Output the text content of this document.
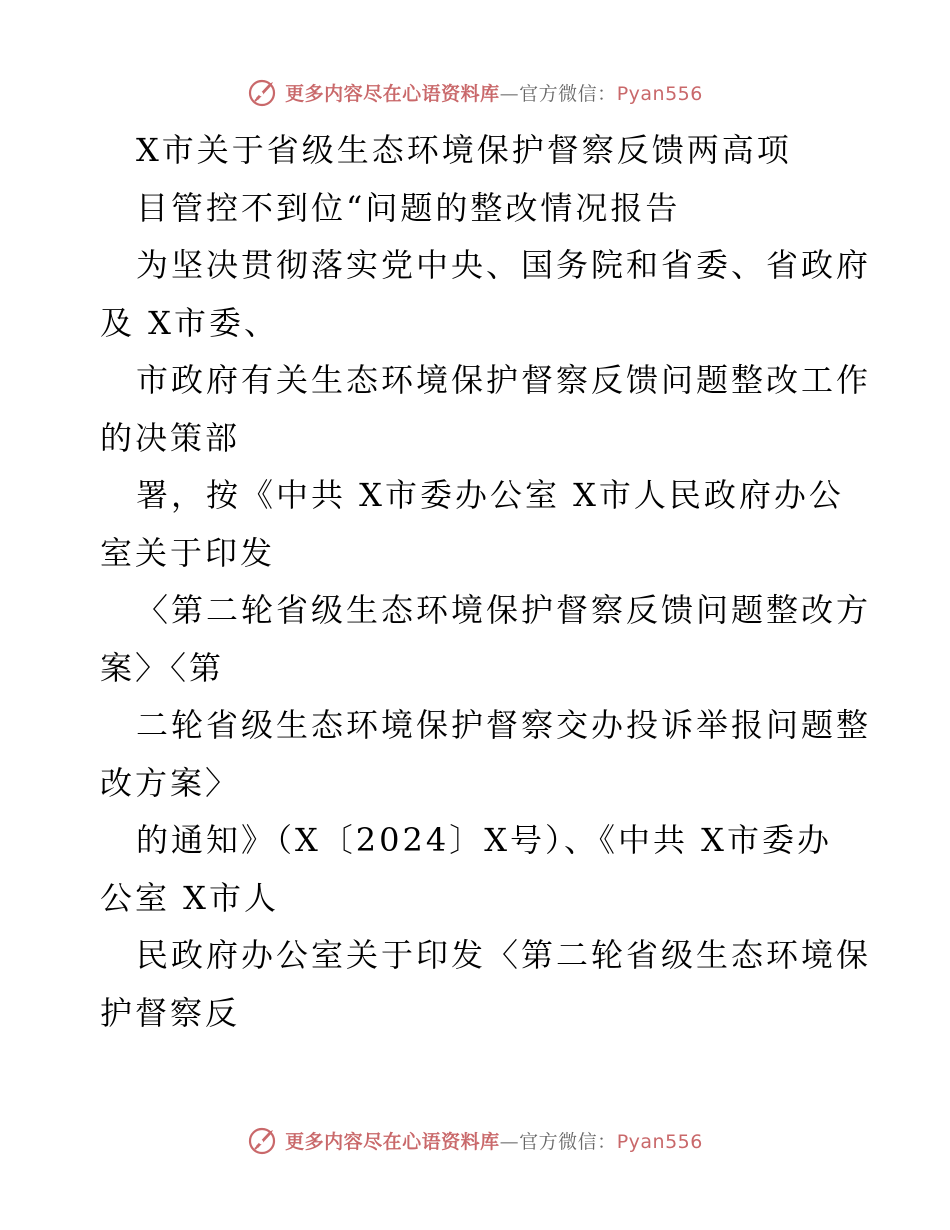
更多内容尽在心语资料库—官方微信：Pyan556
X市关于省级生态环境保护督察反馈两高项
目管控不到位“问题的整改情况报告
为坚决贯彻落实党中央、国务院和省委、省政府
及 X市委、
市政府有关生态环境保护督察反馈问题整改工作
的决策部
署，按《中共 X市委办公室 X市人民政府办公
室关于印发
〈第二轮省级生态环境保护督察反馈问题整改方
案〉〈第
二轮省级生态环境保护督察交办投诉举报问题整
改方案〉
的通知》（X〔2024〕X号）、《中共 X市委办
公室 X市人
民政府办公室关于印发〈第二轮省级生态环境保
护督察反
更多内容尽在心语资料库—官方微信：Pyan556
